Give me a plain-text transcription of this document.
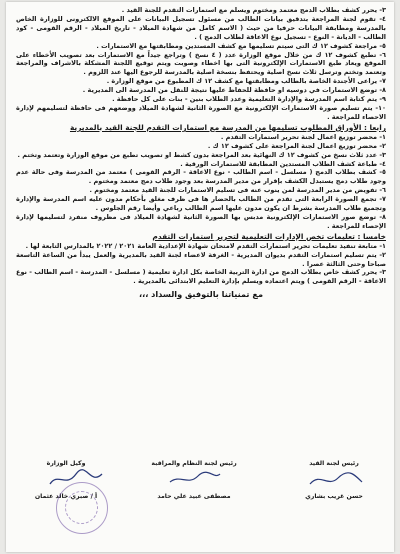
٣- يحرر كشف بطلاب الدمج معتمد ومختوم ويسلم مع استمارات التقدم للجنة القيد .

٤- تقوم لجنة المراجعة بتدقيق بيانات الطالب من مسئول تسجيل البيانات على الموقع الالكترونى للوزارة الخاص بالمدرسة ومطابقة البيانات حرفيا من حيث ( الاسم كامل من شهادة الميلاد - تاريخ الميلاد - الرقم القومى - كود الطالب - الديانة - النوع - تسجيل نوع الاعاقة لطلاب الدمج ) .

٥- مراجعة كشوف ١٢ ك التى سيتم تسليمها مع كشف المستدين ومطابقتها مع الاستمارات .

٦- تطبع كشوف ١٢ ك من خلال موقع الوزارة عدد ( ٤ نسخ ) وتراجع جيداً مع الاستمارات بعد تصويب الأخطاء على الموقع ويعاد طبع الاستمارات الإلكترونية التى بها اخطاء وصوبت ويتم توقيع اللجنة المشكلة بالاشراف والمراجعة وتعتمد وتختم وترسل ثلاث نسخ اصلية ويحتفظ بنسخة اصلية بالمدرسة للرجوع اليها عند اللزوم .

٧- يراعى الأجندة الخاصة بالطالب ومطابقتها مع كشف ١٢ ك المطبوع من موقع الوزارة .

٨- توضع الاستمارات في دوسيه او حافظة للحفاظ عليها نتيجة للنقل من المدرسة الى المديرية .

٩- يتم كتابة اسم المدرسة والإدارة التعليمية وعدد الطلاب بنين - بنات على كل حافظة .

١٠- يتم تسليم صورة الاستمارات الإلكترونية مع الصورة الثانية لشهادة الميلاد ووضعهم فى حافظة لتسليمهم لإدارة الاحصاء للمراجعة .

رابعا : الأوراق المطلوب تسليمها من المدرسة مع استمارات التقدم للجنة القيد بالمديرية

١- محضر توزيع اعمال لجنة تحرير استمارات التقدم .

٢- محضر توزيع اعمال لجنة المراجعة على كشوف ١٢ ك .

٣- عدد ثلاث نسخ من كشوف ١٢ ك النهائية بعد المراجعة بدون كشط او تصويب تطبع من موقع الوزارة وتعتمد وتختم .

٤- طباعة كشف الطلاب المستدين المطابقة للاستمارات الورقية .

٥- كشف بطلاب الدمج ( مسلسل - اسم الطالب - نوع الاعاقة - الرقم القومى ) معتمد من المدرسة وفى حالة عدم وجود طلاب دمج يستبدل الكشف بإقرار من مدير المدرسة بعد وجود طلاب دمج معتمد ومختوم .

٦- تفويض من مدير المدرسة لمن ينوب عنه فى تسليم الاستمارات للجنة القيد معتمد ومختوم .

٧- تجمع الصورة الرابعة التى تقدم من الطالب بالحضار ها فى ظرف مغلق بأحكام مدون عليه اسم المدرسة والإدارة وتجميع طلاب المدرسة بشرط ان يكون مدون عليها اسم الطالب رباعي وأيضا رقم الجلوس .

٨- توضع صور الاستمارات الإلكترونية مدبس بها الصورة الثانية لشهادة الميلاد فى مظروف منفرد لتسليمها لإدارة الإحصاء للمراجعة .

خامسا : تعليمات تخص الإدارات التعليمية لتحرير استمارات التقدم

١- متابعة تنفيذ تعليمات تحرير استمارات التقدم لامتحان شهادة الإعدادية العامة ٢٠٢١ / ٢٠٢٢ بالمدارس التابعة لها .

٢- يتم تسليم استمارات التقدم بديوان المديرية - الغرفة لاعضاء لجنة القيد بالمديرية والعمل يبدأ من الساعة التاسعة صباحا وحتى الثالثة عصرا .

٣- يحرر كشف خاص بطلاب الدمج من ادارة التربية الخاصة بكل ادارة تعليمية ( مسلسل - المدرسة - اسم الطالب - نوع الاعاقة - الرقم القومى ) ويتم اعتماده ويسلم بإدارة التعليم الابتدائى بالمديرية .

مع تمنياتنا بالتوفيق والسداد ،،،
رئيس لجنة القيد
حسن غريب بشاري
رئيس لجنة النظام والمراقبة
مصطفى عبيد علي حامد
وكيل الوزارة
أ / صبري خالد عثمان
